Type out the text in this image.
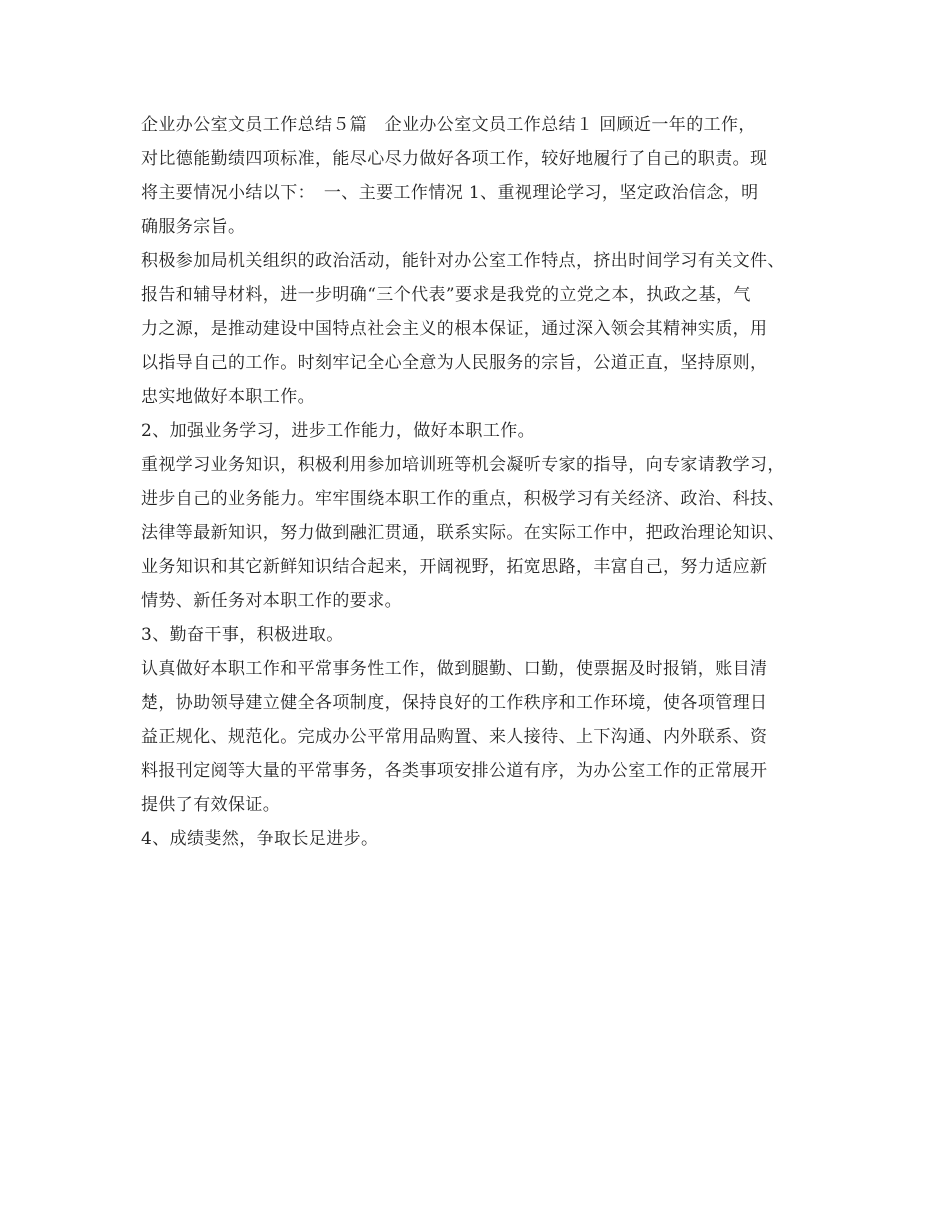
企业办公室文员工作总结５篇　企业办公室文员工作总结１ 回顾近一年的工作，
对比德能勤绩四项标准，能尽心尽力做好各项工作，较好地履行了自己的职责。现
将主要情况小结以下：　一、主要工作情况 1、重视理论学习，坚定政治信念，明
确服务宗旨。
积极参加局机关组织的政治活动，能针对办公室工作特点，挤出时间学习有关文件、
报告和辅导材料，进一步明确“三个代表”要求是我党的立党之本，执政之基，气
力之源，是推动建设中国特点社会主义的根本保证，通过深入领会其精神实质，用
以指导自己的工作。时刻牢记全心全意为人民服务的宗旨，公道正直，坚持原则，
忠实地做好本职工作。
2、加强业务学习，进步工作能力，做好本职工作。
重视学习业务知识，积极利用参加培训班等机会凝听专家的指导，向专家请教学习，
进步自己的业务能力。牢牢围绕本职工作的重点，积极学习有关经济、政治、科技、
法律等最新知识，努力做到融汇贯通，联系实际。在实际工作中，把政治理论知识、
业务知识和其它新鲜知识结合起来，开阔视野，拓宽思路，丰富自己，努力适应新
情势、新任务对本职工作的要求。
3、勤奋干事，积极进取。
认真做好本职工作和平常事务性工作，做到腿勤、口勤，使票据及时报销，账目清
楚，协助领导建立健全各项制度，保持良好的工作秩序和工作环境，使各项管理日
益正规化、规范化。完成办公平常用品购置、来人接待、上下沟通、内外联系、资
料报刊定阅等大量的平常事务，各类事项安排公道有序，为办公室工作的正常展开
提供了有效保证。
4、成绩斐然，争取长足进步。
